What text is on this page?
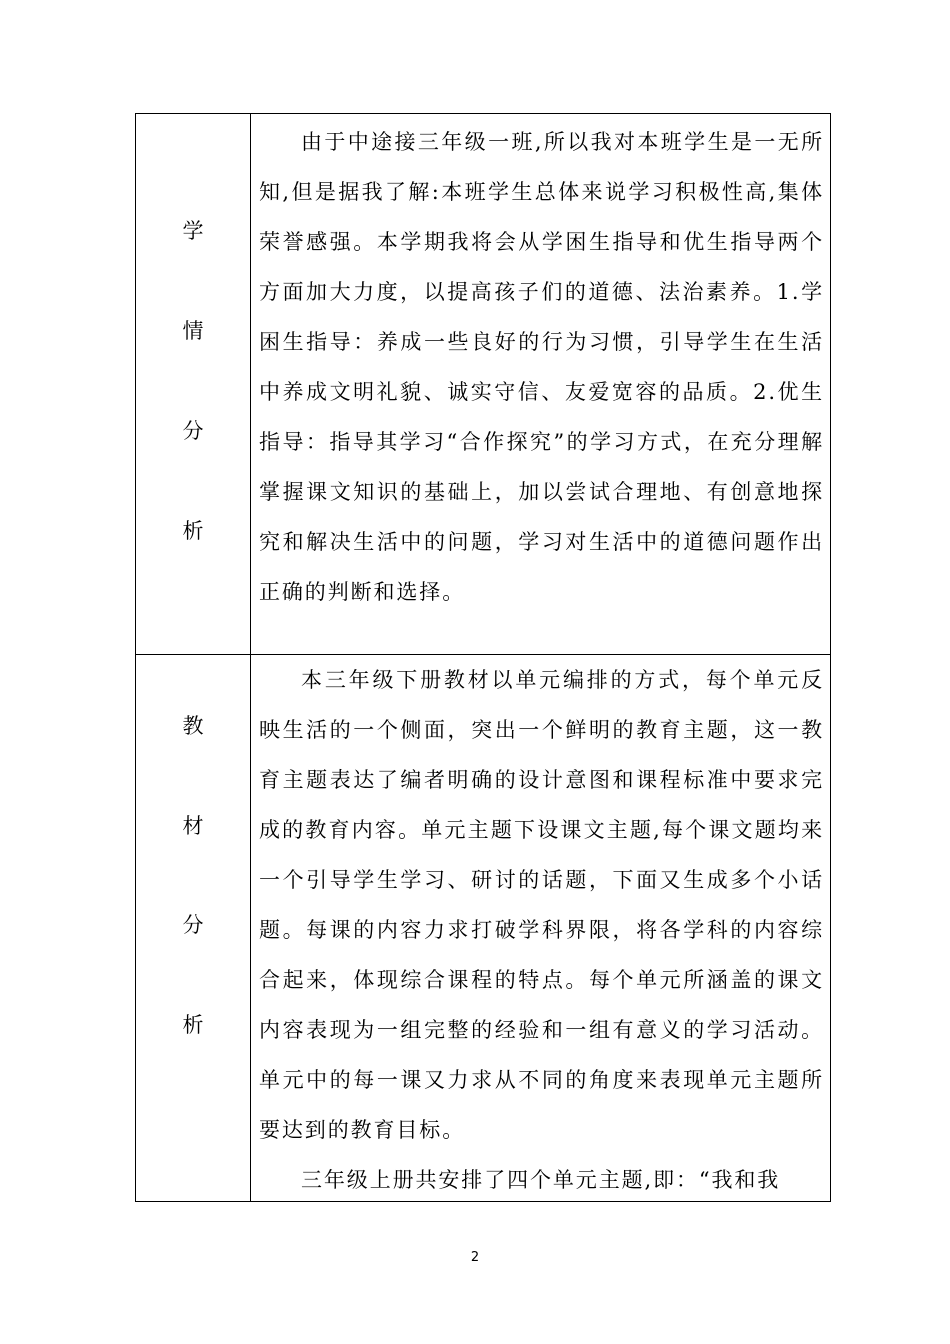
学
情
分
析

由于中途接三年级一班,所以我对本班学生是一无所知,但是据我了解:本班学生总体来说学习积极性高,集体荣誉感强。本学期我将会从学困生指导和优生指导两个方面加大力度，以提高孩子们的道德、法治素养。1.学困生指导：养成一些良好的行为习惯，引导学生在生活中养成文明礼貌、诚实守信、友爱宽容的品质。2.优生指导：指导其学习“合作探究”的学习方式，在充分理解掌握课文知识的基础上，加以尝试合理地、有创意地探究和解决生活中的问题，学习对生活中的道德问题作出正确的判断和选择。

教
材
分
析

本三年级下册教材以单元编排的方式，每个单元反映生活的一个侧面，突出一个鲜明的教育主题，这一教育主题表达了编者明确的设计意图和课程标准中要求完成的教育内容。单元主题下设课文主题,每个课文题均来一个引导学生学习、研讨的话题，下面又生成多个小话题。每课的内容力求打破学科界限，将各学科的内容综合起来，体现综合课程的特点。每个单元所涵盖的课文内容表现为一组完整的经验和一组有意义的学习活动。单元中的每一课又力求从不同的角度来表现单元主题所要达到的教育目标。

三年级上册共安排了四个单元主题,即：“我和我

2
